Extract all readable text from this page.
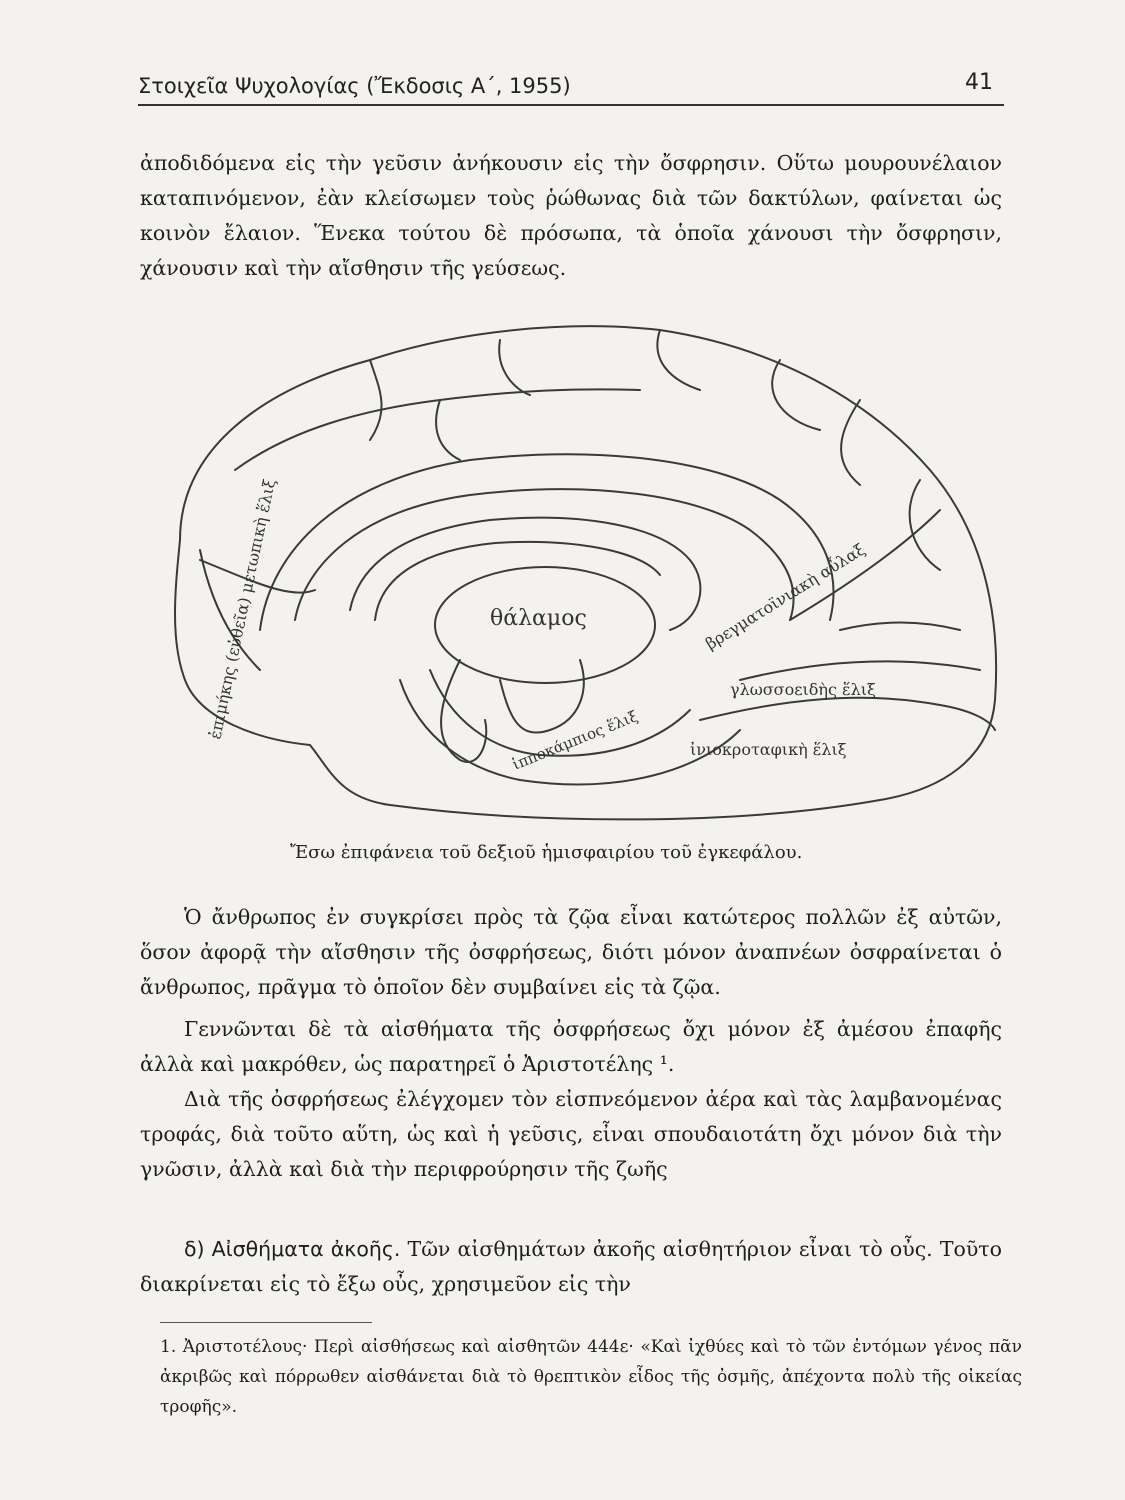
Στοιχεῖα Ψυχολογίας (Ἔκδοσις Α΄, 1955)	41

ἀποδιδόμενα εἰς τὴν γεῦσιν ἀνήκουσιν εἰς τὴν ὄσφρησιν. Οὕτω μουρουνέλαιον καταπινόμενον, ἐὰν κλείσωμεν τοὺς ῥώθωνας διὰ τῶν δακτύλων, φαίνεται ὡς κοινὸν ἔλαιον. Ἕνεκα τούτου δὲ πρόσωπα, τὰ ὁποῖα χάνουσι τὴν ὄσφρησιν, χάνουσιν καὶ τὴν αἴσθησιν τῆς γεύσεως.

θάλαμος
ἐπιμήκης (εὐθεῖα) μετωπικὴ ἕλιξ	βρεγματοϊνιακὴ αὖλαξ
ἱπποκάμπιος ἕλιξ
γλωσσοειδὴς ἕλιξ
ἰνιοκροταφικὴ ἕλιξ
Ἔσω ἐπιφάνεια τοῦ δεξιοῦ ἡμισφαιρίου τοῦ ἐγκεφάλου.

Ὁ ἄνθρωπος ἐν συγκρίσει πρὸς τὰ ζῷα εἶναι κατώτερος πολλῶν ἐξ αὐτῶν, ὅσον ἀφορᾷ τὴν αἴσθησιν τῆς ὀσφρήσεως, διότι μόνον ἀναπνέων ὀσφραίνεται ὁ ἄνθρωπος, πρᾶγμα τὸ ὁποῖον δὲν συμβαίνει εἰς τὰ ζῷα.

Γεννῶνται δὲ τὰ αἰσθήματα τῆς ὀσφρήσεως ὄχι μόνον ἐξ ἀμέσου ἐπαφῆς ἀλλὰ καὶ μακρόθεν, ὡς παρατηρεῖ ὁ Ἀριστοτέλης ¹.

Διὰ τῆς ὀσφρήσεως ἐλέγχομεν τὸν εἰσπνεόμενον ἀέρα καὶ τὰς λαμβανομένας τροφάς, διὰ τοῦτο αὕτη, ὡς καὶ ἡ γεῦσις, εἶναι σπουδαιοτάτη ὄχι μόνον διὰ τὴν γνῶσιν, ἀλλὰ καὶ διὰ τὴν περιφρούρησιν τῆς ζωῆς

δ) Αἰσθήματα ἀκοῆς. Τῶν αἰσθημάτων ἀκοῆς αἰσθητήριον εἶναι τὸ οὖς. Τοῦτο διακρίνεται εἰς τὸ ἔξω οὖς, χρησιμεῦον εἰς τὴν

1. Ἀριστοτέλους· Περὶ αἰσθήσεως καὶ αἰσθητῶν 444ε· «Καὶ ἰχθύες καὶ τὸ τῶν ἐντόμων γένος πᾶν ἀκριβῶς καὶ πόρρωθεν αἰσθάνεται διὰ τὸ θρεπτικὸν εἶδος τῆς ὀσμῆς, ἀπέχοντα πολὺ τῆς οἰκείας τροφῆς».
